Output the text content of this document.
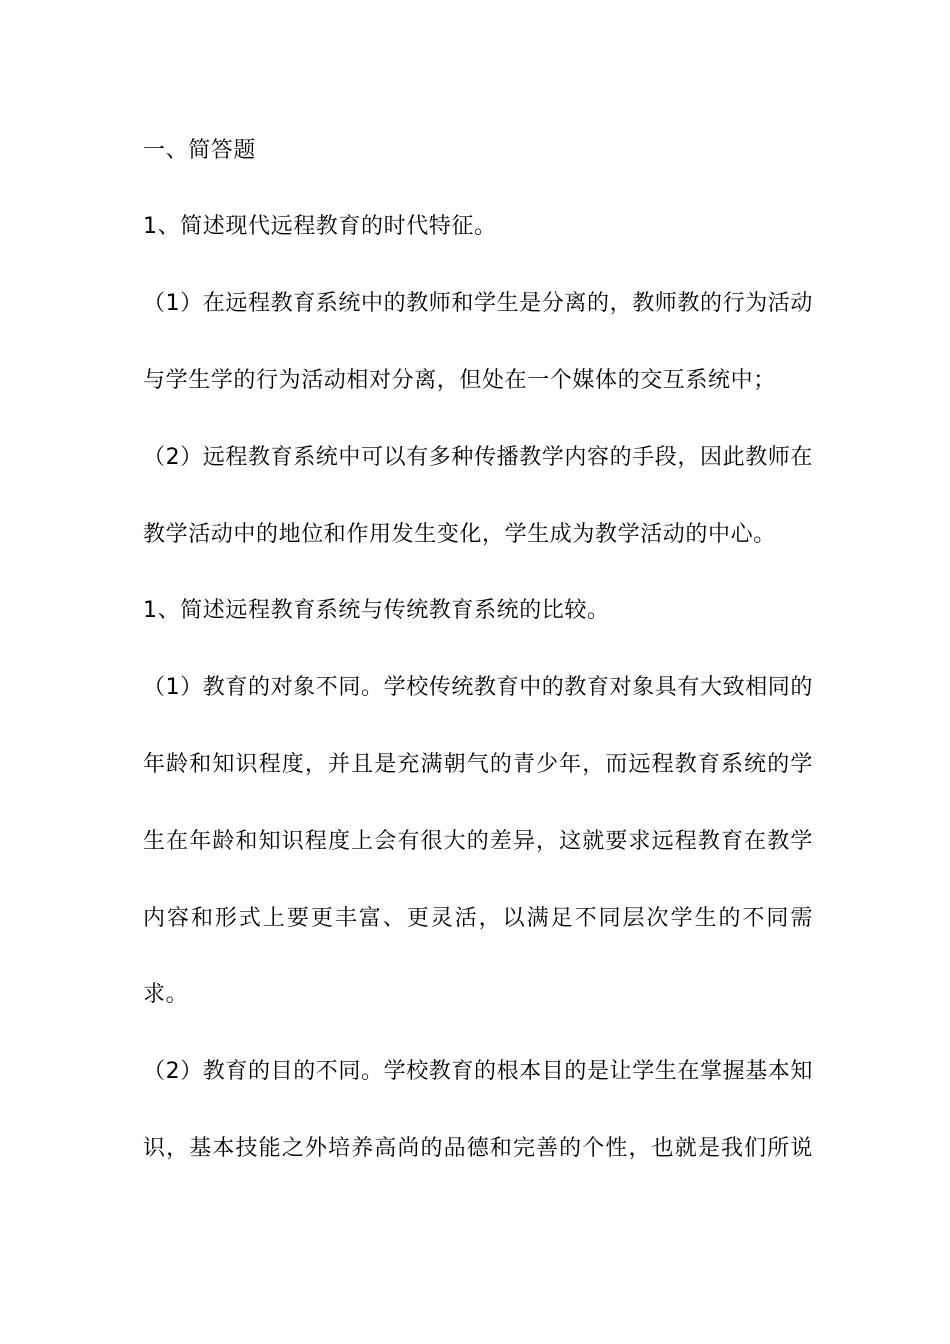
一、简答题
1、简述现代远程教育的时代特征。
（1）在远程教育系统中的教师和学生是分离的，教师教的行为活动
与学生学的行为活动相对分离，但处在一个媒体的交互系统中；
（2）远程教育系统中可以有多种传播教学内容的手段，因此教师在
教学活动中的地位和作用发生变化，学生成为教学活动的中心。
1、简述远程教育系统与传统教育系统的比较。
（1）教育的对象不同。学校传统教育中的教育对象具有大致相同的
年龄和知识程度，并且是充满朝气的青少年，而远程教育系统的学
生在年龄和知识程度上会有很大的差异，这就要求远程教育在教学
内容和形式上要更丰富、更灵活，以满足不同层次学生的不同需
求。
（2）教育的目的不同。学校教育的根本目的是让学生在掌握基本知
识，基本技能之外培养高尚的品德和完善的个性，也就是我们所说
